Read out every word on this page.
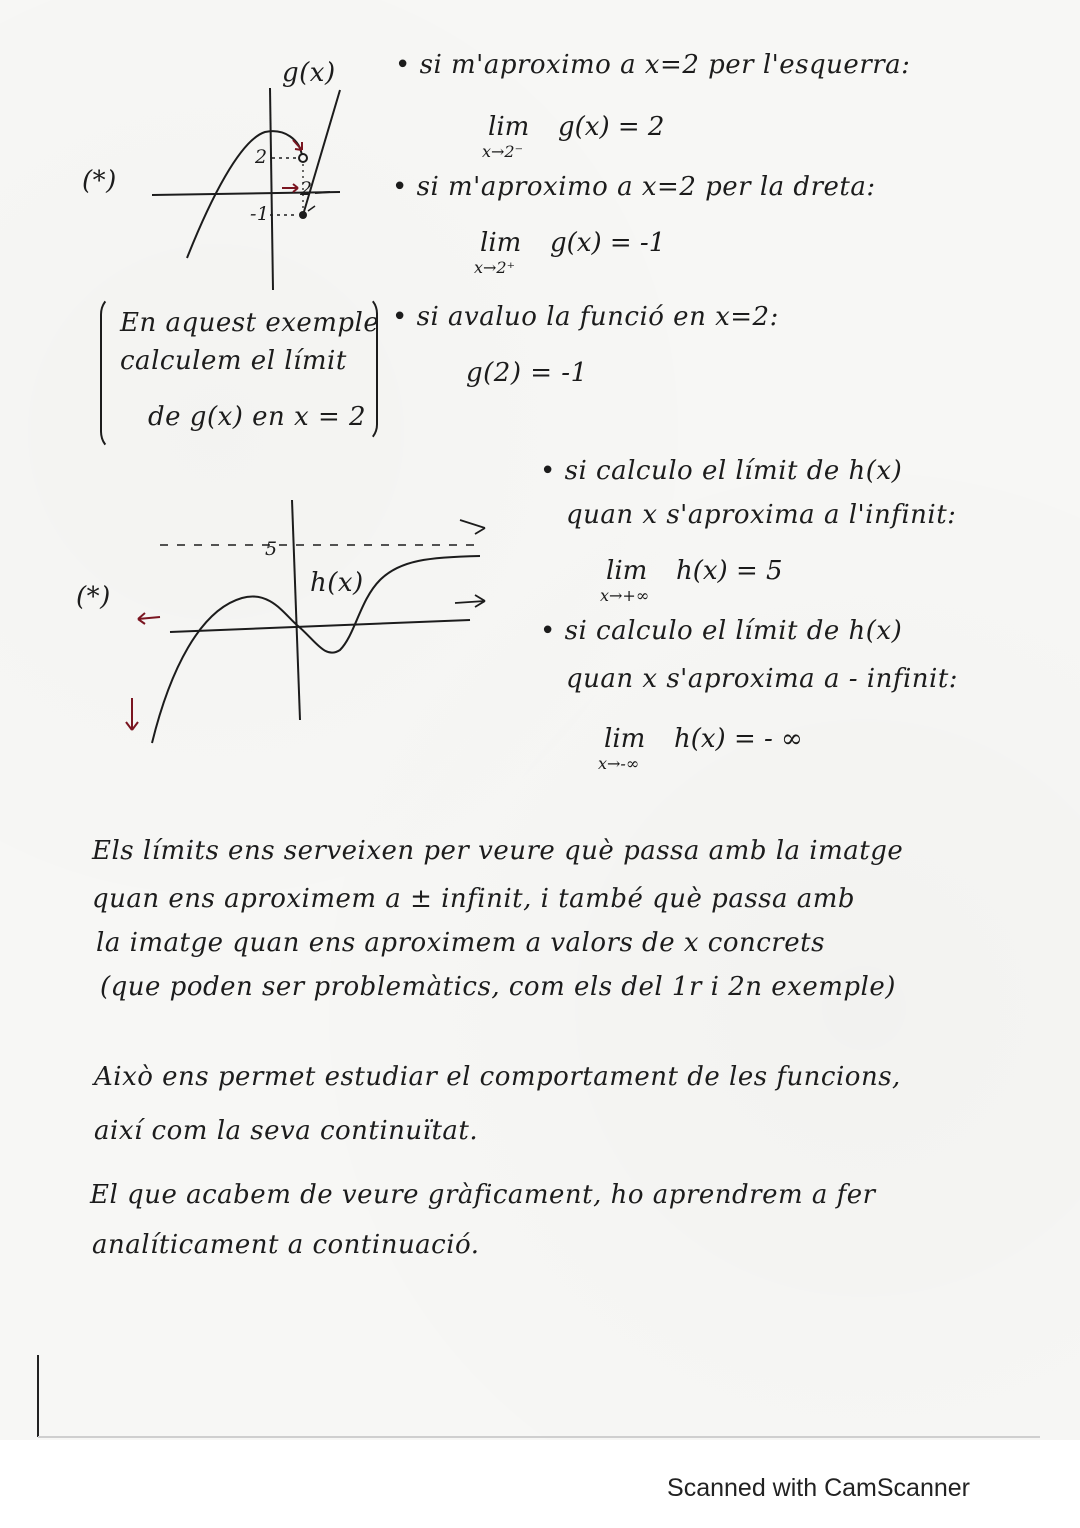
(*)
g(x)
2
-1
2
• si m'aproximo a x=2 per l'esquerra:
lim
x→2⁻
g(x) = 2
• si m'aproximo a x=2 per la dreta:
lim
x→2⁺
g(x) = -1
• si avaluo la funció en x=2:
g(2) = -1
En aquest exemple
calculem el límit
de g(x) en x = 2
(*)
5
h(x)
• si calculo el límit de h(x)
quan x s'aproxima a l'infinit:
lim
x→+∞
h(x) = 5
• si calculo el límit de h(x)
quan x s'aproxima a - infinit:
lim
x→-∞
h(x) = - ∞
Els límits ens serveixen per veure què passa amb la imatge
quan ens aproximem a ± infinit, i també què passa amb
la imatge quan ens aproximem a valors de x concrets
(que poden ser problemàtics, com els del 1r i 2n exemple)
Això ens permet estudiar el comportament de les funcions,
així com la seva continuïtat.
El que acabem de veure gràficament, ho aprendrem a fer
analíticament a continuació.
Scanned with CamScanner
